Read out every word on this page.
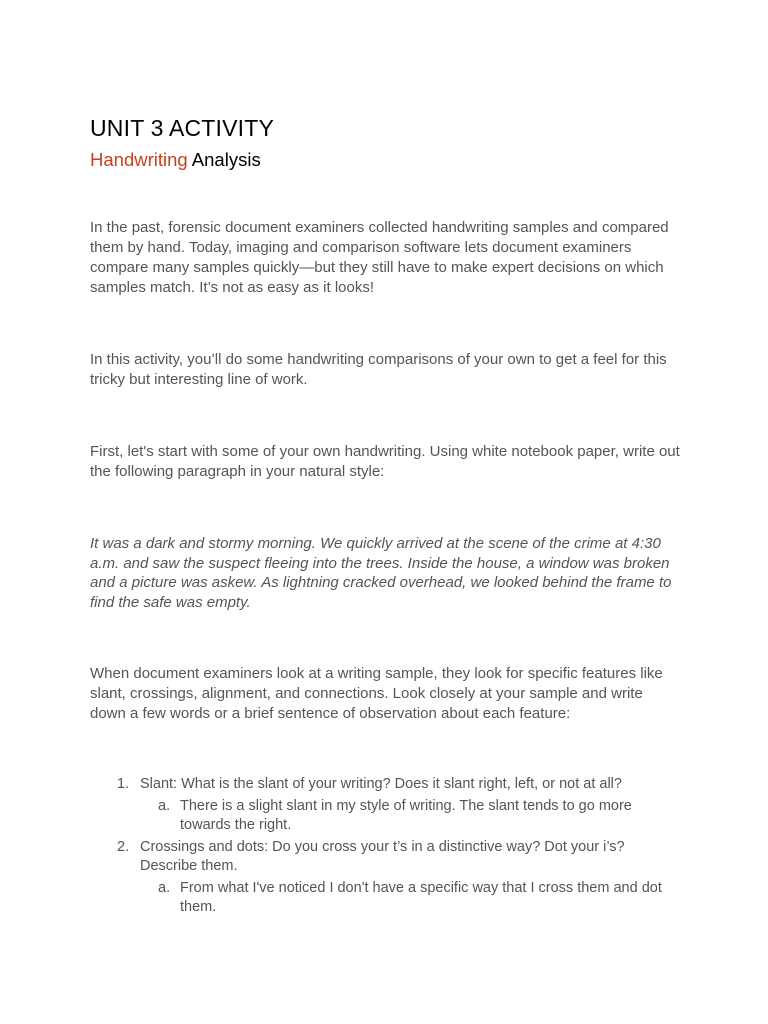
UNIT 3 ACTIVITY
Handwriting Analysis

In the past, forensic document examiners collected handwriting samples and compared them by hand. Today, imaging and comparison software lets document examiners compare many samples quickly—but they still have to make expert decisions on which samples match. It’s not as easy as it looks!

In this activity, you’ll do some handwriting comparisons of your own to get a feel for this tricky but interesting line of work.

First, let's start with some of your own handwriting. Using white notebook paper, write out the following paragraph in your natural style:

It was a dark and stormy morning. We quickly arrived at the scene of the crime at 4:30 a.m. and saw the suspect fleeing into the trees. Inside the house, a window was broken and a picture was askew. As lightning cracked overhead, we looked behind the frame to find the safe was empty.

When document examiners look at a writing sample, they look for specific features like slant, crossings, alignment, and connections. Look closely at your sample and write down a few words or a brief sentence of observation about each feature:

1. Slant: What is the slant of your writing? Does it slant right, left, or not at all?
a. There is a slight slant in my style of writing. The slant tends to go more towards the right.
2. Crossings and dots: Do you cross your t’s in a distinctive way? Dot your i’s? Describe them.
a. From what I've noticed I don't have a specific way that I cross them and dot them.
